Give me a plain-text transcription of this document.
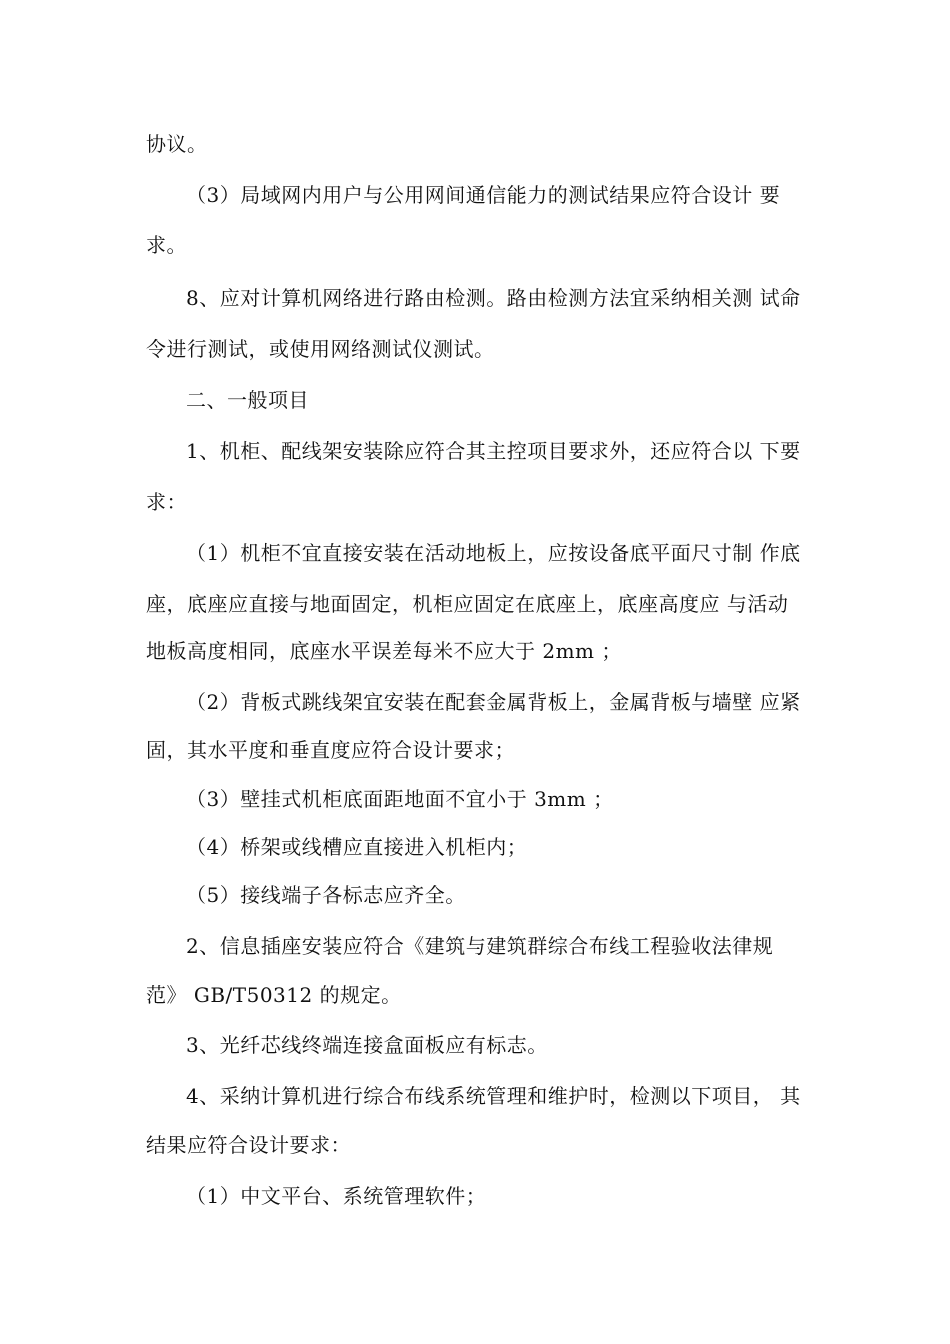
协议。
（3）局域网内用户与公用网间通信能力的测试结果应符合设计 要
求。
8、应对计算机网络进行路由检测。路由检测方法宜采纳相关测 试命
令进行测试，或使用网络测试仪测试。
二、一般项目
1、机柜、配线架安装除应符合其主控项目要求外，还应符合以 下要
求：
（1）机柜不宜直接安装在活动地板上，应按设备底平面尺寸制 作底
座，底座应直接与地面固定，机柜应固定在底座上，底座高度应 与活动
地板高度相同，底座水平误差每米不应大于 2mm ；
（2）背板式跳线架宜安装在配套金属背板上，金属背板与墙壁 应紧
固，其水平度和垂直度应符合设计要求；
（3）壁挂式机柜底面距地面不宜小于 3mm ；
（4）桥架或线槽应直接进入机柜内；
（5）接线端子各标志应齐全。
2、信息插座安装应符合《建筑与建筑群综合布线工程验收法律规
范》 GB/T50312 的规定。
3、光纤芯线终端连接盒面板应有标志。
4、采纳计算机进行综合布线系统管理和维护时，检测以下项目， 其
结果应符合设计要求：
（1）中文平台、系统管理软件；
